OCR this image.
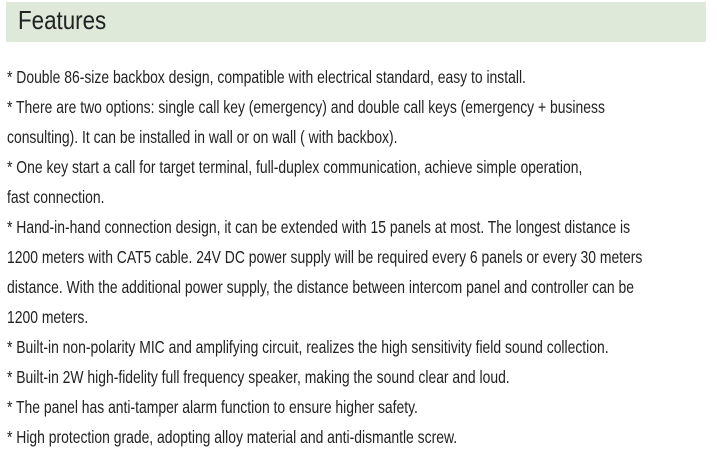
Features
* Double 86-size backbox design, compatible with electrical standard, easy to install.
* There are two options: single call key (emergency) and double call keys (emergency + business
consulting). It can be installed in wall or on wall ( with backbox).
* One key start a call for target terminal, full-duplex communication, achieve simple operation,
fast connection.
* Hand-in-hand connection design, it can be extended with 15 panels at most. The longest distance is
1200 meters with CAT5 cable. 24V DC power supply will be required every 6 panels or every 30 meters
distance. With the additional power supply, the distance between intercom panel and controller can be
1200 meters.
* Built-in non-polarity MIC and amplifying circuit, realizes the high sensitivity field sound collection.
* Built-in 2W high-fidelity full frequency speaker, making the sound clear and loud.
* The panel has anti-tamper alarm function to ensure higher safety.
* High protection grade, adopting alloy material and anti-dismantle screw.
